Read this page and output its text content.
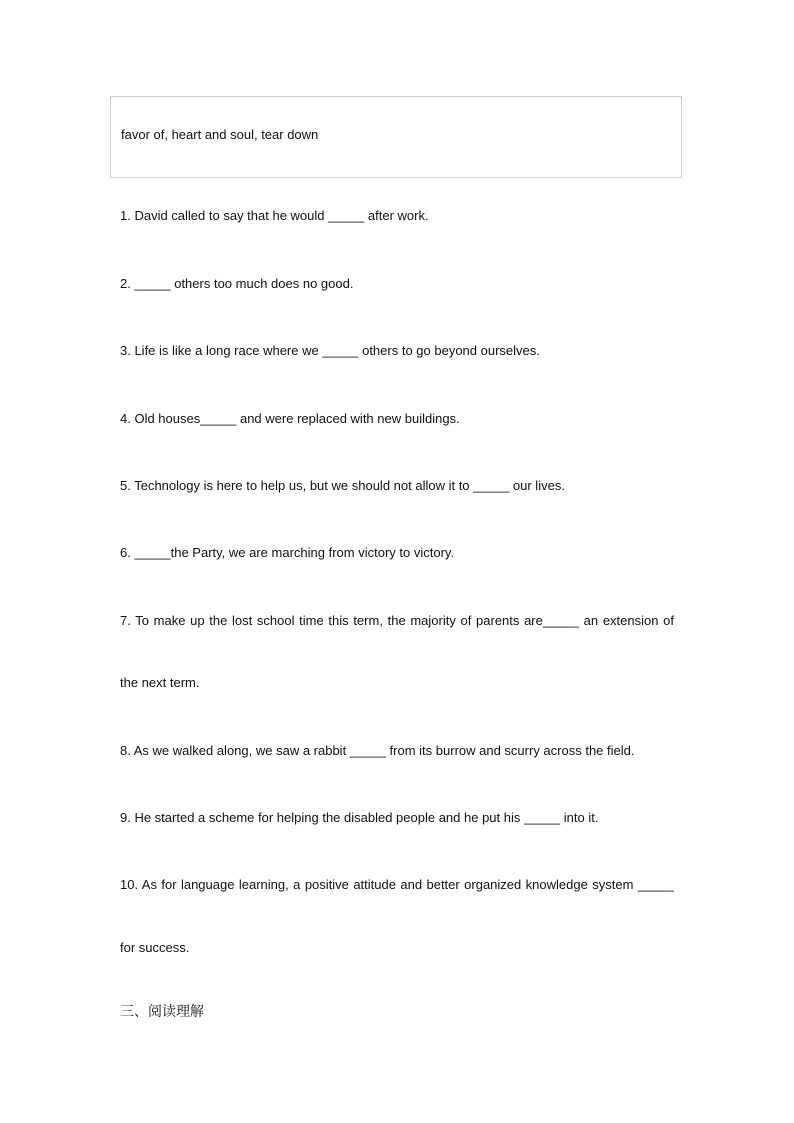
favor of, heart and soul, tear down
1. David called to say that he would _____ after work.
2. _____ others too much does no good.
3. Life is like a long race where we _____ others to go beyond ourselves.
4. Old houses_____ and were replaced with new buildings.
5. Technology is here to help us, but we should not allow it to _____ our lives.
6. _____the Party, we are marching from victory to victory.
7. To make up the lost school time this term, the majority of parents are_____ an extension of
the next term.
8. As we walked along, we saw a rabbit _____ from its burrow and scurry across the field.
9. He started a scheme for helping the disabled people and he put his _____ into it.
10. As for language learning, a positive attitude and better organized knowledge system _____
for success.
三、阅读理解
